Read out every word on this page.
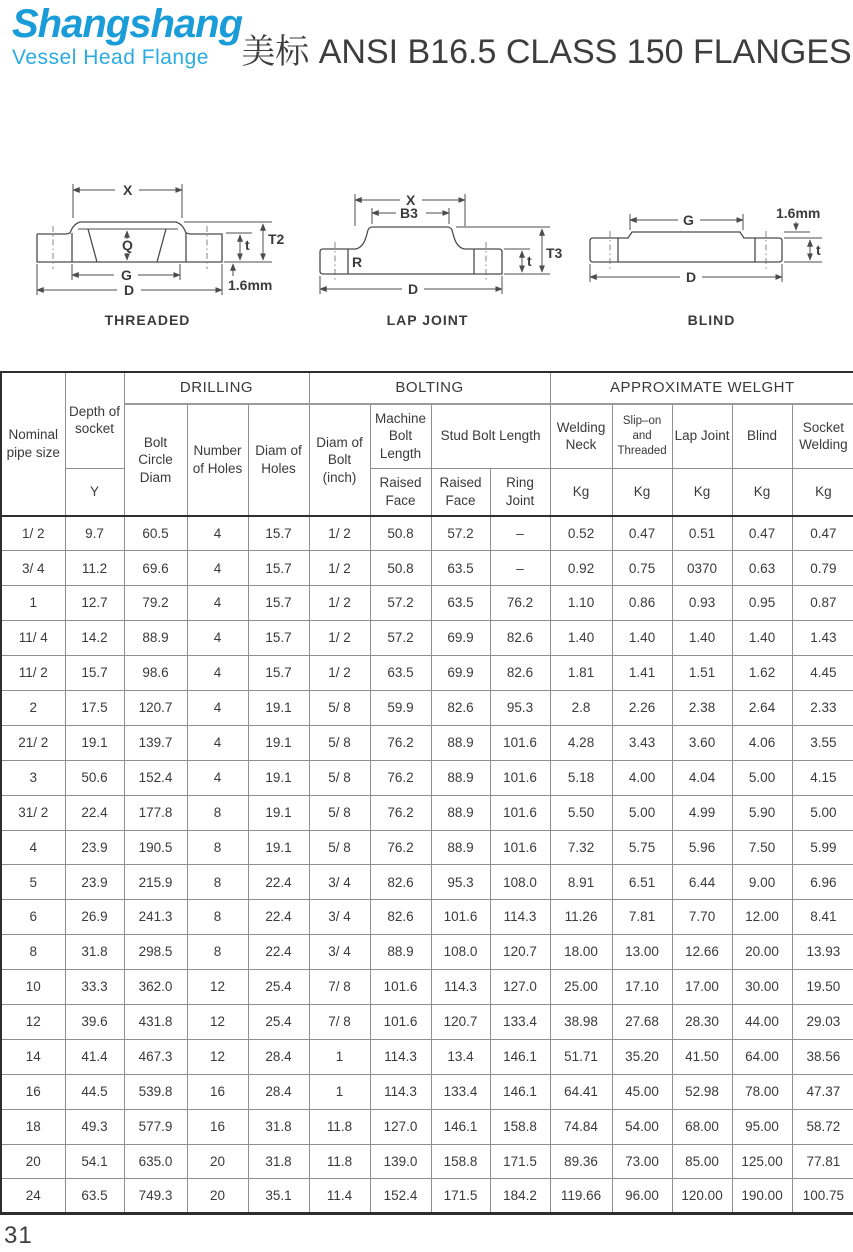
Shangshang
Vessel Head Flange 美标 ANSI B16.5 CLASS 150 FLANGES
X
Q
G
D
t T2
1.6mm
THREADED
X
B3
R
D
t T3
LAP JOINT
G	1.6mm
t
D
BLIND
Nominal pipe size	Depth of socket	DRILLING			BOLTING				APPROXIMATE WELGHT				
		Bolt Circle Diam	Number of Holes	Diam of Holes	Diam of Bolt (inch)	Machine Bolt Length	Stud Bolt Length		Welding Neck	Slip–on and Threaded	Lap Joint	Blind	Socket Welding
	Y					Raised Face	Raised Face	Ring Joint	Kg	Kg	Kg	Kg	Kg
1/ 2	9.7	60.5	4	15.7	1/ 2	50.8	57.2	–	0.52	0.47	0.51	0.47	0.47
3/ 4	11.2	69.6	4	15.7	1/ 2	50.8	63.5	–	0.92	0.75	0370	0.63	0.79
1	12.7	79.2	4	15.7	1/ 2	57.2	63.5	76.2	1.10	0.86	0.93	0.95	0.87
11/ 4	14.2	88.9	4	15.7	1/ 2	57.2	69.9	82.6	1.40	1.40	1.40	1.40	1.43
11/ 2	15.7	98.6	4	15.7	1/ 2	63.5	69.9	82.6	1.81	1.41	1.51	1.62	4.45
2	17.5	120.7	4	19.1	5/ 8	59.9	82.6	95.3	2.8	2.26	2.38	2.64	2.33
21/ 2	19.1	139.7	4	19.1	5/ 8	76.2	88.9	101.6	4.28	3.43	3.60	4.06	3.55
3	50.6	152.4	4	19.1	5/ 8	76.2	88.9	101.6	5.18	4.00	4.04	5.00	4.15
31/ 2	22.4	177.8	8	19.1	5/ 8	76.2	88.9	101.6	5.50	5.00	4.99	5.90	5.00
4	23.9	190.5	8	19.1	5/ 8	76.2	88.9	101.6	7.32	5.75	5.96	7.50	5.99
5	23.9	215.9	8	22.4	3/ 4	82.6	95.3	108.0	8.91	6.51	6.44	9.00	6.96
6	26.9	241.3	8	22.4	3/ 4	82.6	101.6	114.3	11.26	7.81	7.70	12.00	8.41
8	31.8	298.5	8	22.4	3/ 4	88.9	108.0	120.7	18.00	13.00	12.66	20.00	13.93
10	33.3	362.0	12	25.4	7/ 8	101.6	114.3	127.0	25.00	17.10	17.00	30.00	19.50
12	39.6	431.8	12	25.4	7/ 8	101.6	120.7	133.4	38.98	27.68	28.30	44.00	29.03
14	41.4	467.3	12	28.4	1	114.3	13.4	146.1	51.71	35.20	41.50	64.00	38.56
16	44.5	539.8	16	28.4	1	114.3	133.4	146.1	64.41	45.00	52.98	78.00	47.37
18	49.3	577.9	16	31.8	11.8	127.0	146.1	158.8	74.84	54.00	68.00	95.00	58.72
20	54.1	635.0	20	31.8	11.8	139.0	158.8	171.5	89.36	73.00	85.00	125.00	77.81
24	63.5	749.3	20	35.1	11.4	152.4	171.5	184.2	119.66	96.00	120.00	190.00	100.75
31
